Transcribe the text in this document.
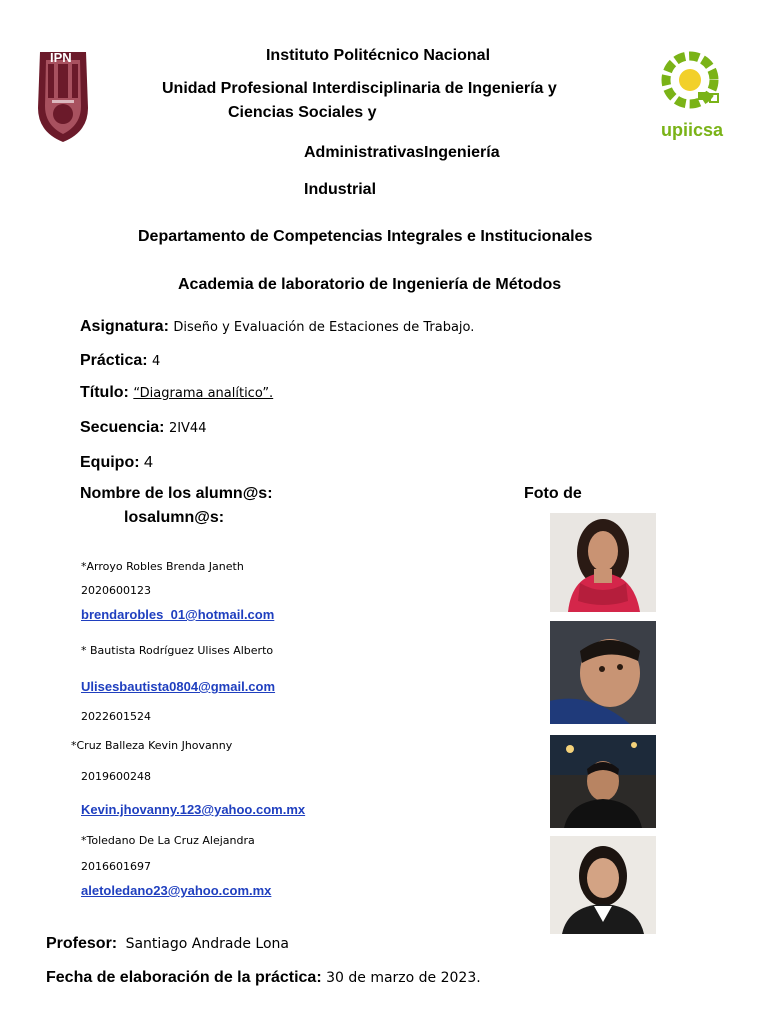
IPN
upiicsa
Instituto Politécnico Nacional
Unidad Profesional Interdisciplinaria de Ingeniería y
Ciencias Sociales y
AdministrativasIngeniería
Industrial
Departamento de Competencias Integrales e Institucionales
Academia de laboratorio de Ingeniería de Métodos
Asignatura: Diseño y Evaluación de Estaciones de Trabajo.
Práctica: 4
Título: “Diagrama analítico”.
Secuencia: 2IV44
Equipo: 4
Nombre de los alumn@s:
losalumn@s:
Foto de
*Arroyo Robles Brenda Janeth
2020600123
brendarobles_01@hotmail.com
* Bautista Rodríguez Ulises Alberto
Ulisesbautista0804@gmail.com
2022601524
*Cruz Balleza Kevin Jhovanny
2019600248
Kevin.jhovanny.123@yahoo.com.mx
*Toledano De La Cruz Alejandra
2016601697
aletoledano23@yahoo.com.mx
Profesor: Santiago Andrade Lona
Fecha de elaboración de la práctica: 30 de marzo de 2023.
